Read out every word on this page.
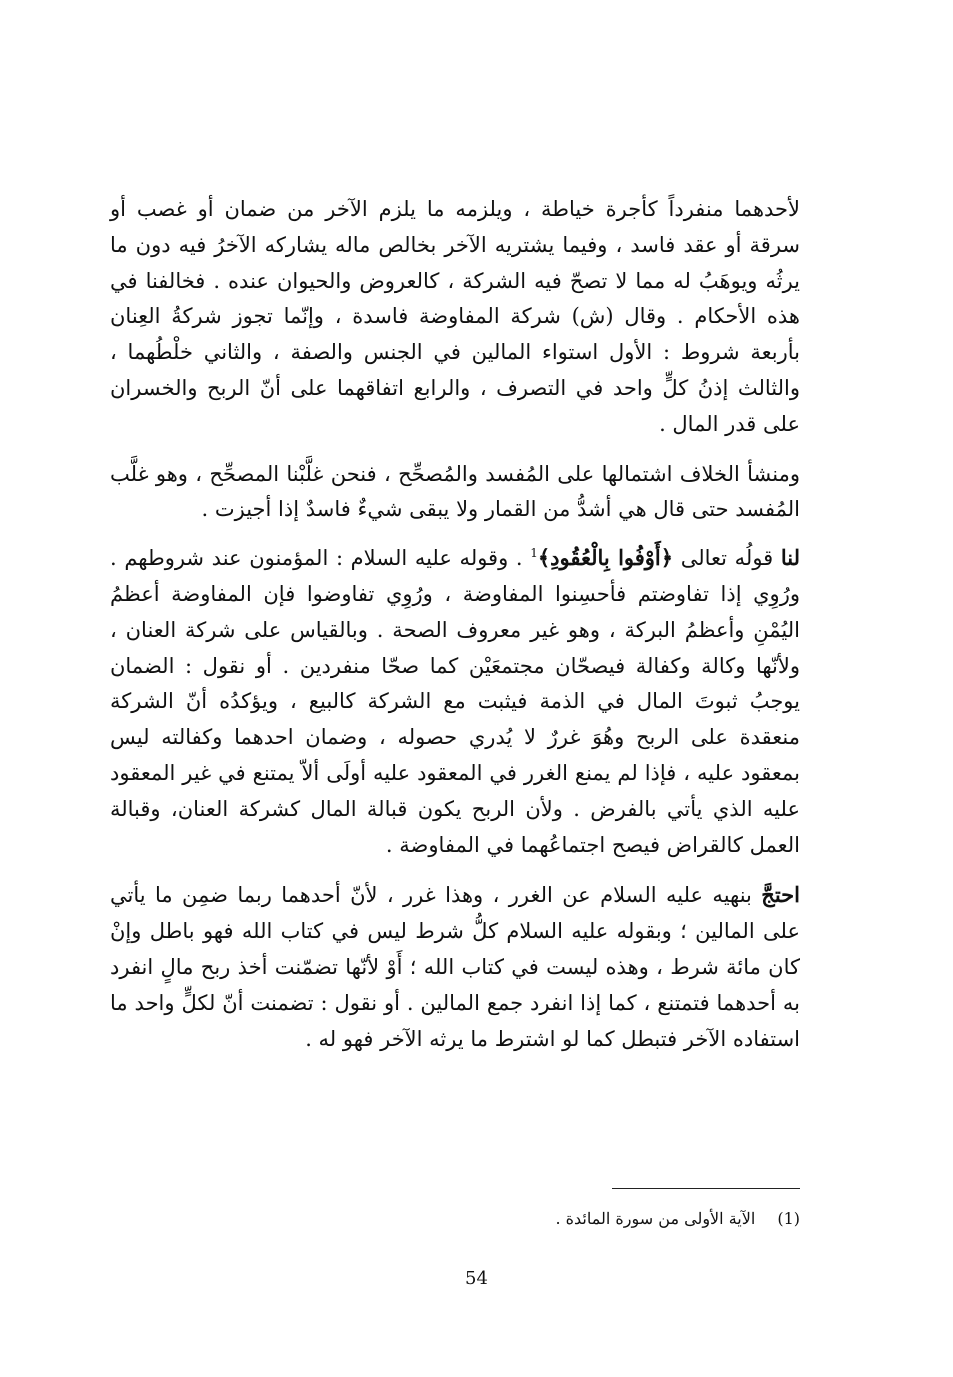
لأحدهما منفرداً كأجرة خياطة ، ويلزمه ما يلزم الآخر من ضمان أو غصب أو سرقة أو عقد فاسد ، وفيما يشتريه الآخر بخالص ماله يشاركه الآخرُ فيه دون ما يرثُه ويوهَبُ له مما لا تصحّ فيه الشركة ، كالعروض والحيوان عنده . فخالفنا في هذه الأحكام . وقال (ش) شركة المفاوضة فاسدة ، وإنّما تجوز شركةُ العِنان بأربعة شروط : الأول استواء المالين في الجنس والصفة ، والثاني خلْطُهما ، والثالث إذنُ كلٍّ واحد في التصرف ، والرابع اتفاقهما على أنّ الربح والخسران على قدر المال .

ومنشأ الخلاف اشتمالها على المُفسد والمُصحِّح ، فنحن غلَّبْنا المصحِّح ، وهو غلَّب المُفسد حتى قال هي أشدُّ من القمار ولا يبقى شيءٌ فاسدٌ إذا أجيزت .

لنا قولُه تعالى ﴿أَوْفُوا بِالْعُقُودِ﴾$^1$ . وقوله عليه السلام : المؤمنون عند شروطهم . ورُوِي إذا تفاوضتم فأحسِنوا المفاوضة ، ورُوِي تفاوضوا فإن المفاوضة أعظمُ اليُمْنِ وأعظمُ البركة ، وهو غير معروف الصحة . وبالقياس على شركة العنان ، ولأنّها وكالة وكفالة فيصحّان مجتمعَيْن كما صحّا منفردين . أو نقول : الضمان يوجبُ ثبوتَ المال في الذمة فيثبت مع الشركة كالبيع ، ويؤكدُه أنّ الشركة منعقدة على الربح وهُوَ غررٌ لا يُدري حصوله ، وضمان احدهما وكفالته ليس بمعقود عليه ، فإذا لم يمنع الغرر في المعقود عليه أولَى ألاّ يمتنع في غير المعقود عليه الذي يأتي بالفرض . ولأن الربح يكون قبالة المال كشركة العنان، وقبالة العمل كالقراض فيصح اجتماعُهما في المفاوضة .

احتجَّ بنهيه عليه السلام عن الغرر ، وهذا غرر ، لأنّ أحدهما ربما ضمِن ما يأتي على المالين ؛ وبقوله عليه السلام كلُّ شرط ليس في كتاب الله فهو باطل وإنْ كان مائة شرط ، وهذه ليست في كتاب الله ؛ أَوْ لأنّها تضمّنت أخذ ربح مالٍ انفرد به أحدهما فتمتنع ، كما إذا انفرد جمع المالين . أو نقول : تضمنت أنّ لكلٍّ واحد ما استفاده الآخر فتبطل كما لو اشترط ما يرثه الآخر فهو له .

(1)الآية الأولى من سورة المائدة .
54
